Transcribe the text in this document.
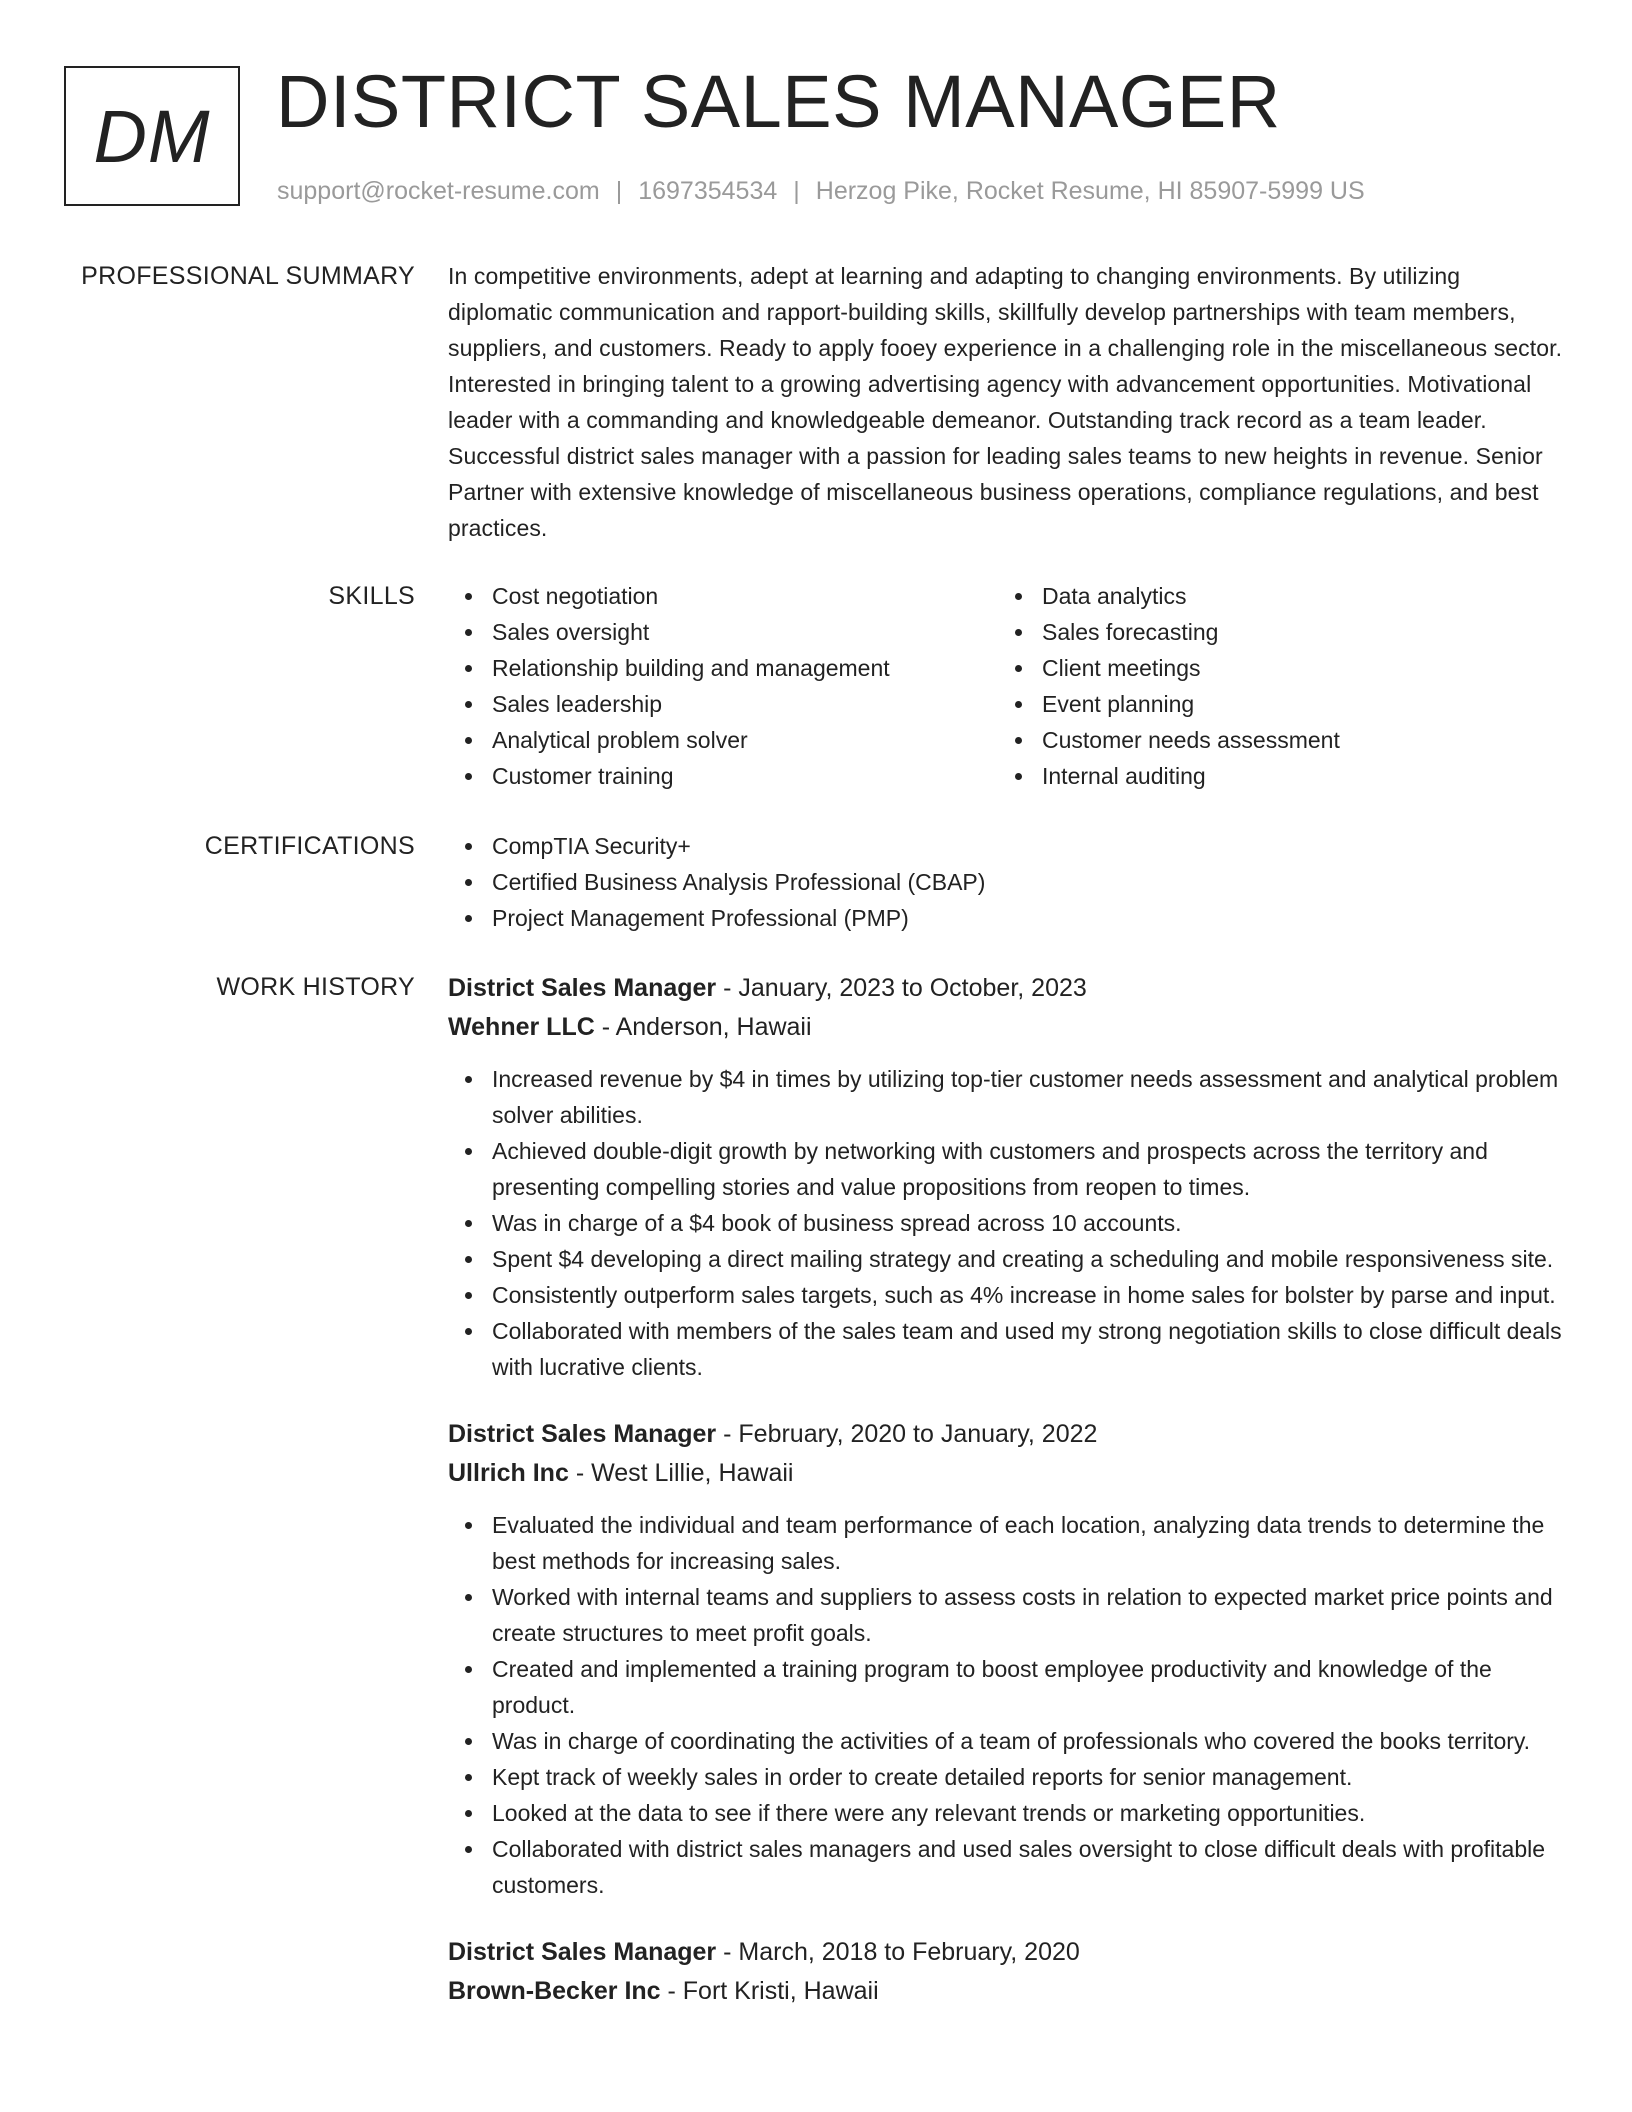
DM DISTRICT SALES MANAGER
support@rocket-resume.com | 1697354534 | Herzog Pike, Rocket Resume, HI 85907-5999 US
PROFESSIONAL SUMMARY In competitive environments, adept at learning and adapting to changing environments. By utilizing diplomatic communication and rapport-building skills, skillfully develop partnerships with team members, suppliers, and customers. Ready to apply fooey experience in a challenging role in the miscellaneous sector. Interested in bringing talent to a growing advertising agency with advancement opportunities. Motivational leader with a commanding and knowledgeable demeanor. Outstanding track record as a team leader. Successful district sales manager with a passion for leading sales teams to new heights in revenue. Senior Partner with extensive knowledge of miscellaneous business operations, compliance regulations, and best practices.

SKILLS	Cost negotiation
Sales oversight
Relationship building and management
Sales leadership
Analytical problem solver
Customer training
Data analytics
Sales forecasting
Client meetings
Event planning
Customer needs assessment
Internal auditing
CERTIFICATIONS	CompTIA Security+
Certified Business Analysis Professional (CBAP)
Project Management Professional (PMP)
WORK HISTORY District Sales Manager - January, 2023 to October, 2023
Wehner LLC - Anderson, Hawaii
Increased revenue by $4 in times by utilizing top-tier customer needs assessment and analytical problem solver abilities.
Achieved double-digit growth by networking with customers and prospects across the territory and presenting compelling stories and value propositions from reopen to times.
Was in charge of a $4 book of business spread across 10 accounts.
Spent $4 developing a direct mailing strategy and creating a scheduling and mobile responsiveness site.
Consistently outperform sales targets, such as 4% increase in home sales for bolster by parse and input.
Collaborated with members of the sales team and used my strong negotiation skills to close difficult deals with lucrative clients.
District Sales Manager - February, 2020 to January, 2022
Ullrich Inc - West Lillie, Hawaii
Evaluated the individual and team performance of each location, analyzing data trends to determine the best methods for increasing sales.
Worked with internal teams and suppliers to assess costs in relation to expected market price points and create structures to meet profit goals.
Created and implemented a training program to boost employee productivity and knowledge of the product.
Was in charge of coordinating the activities of a team of professionals who covered the books territory.
Kept track of weekly sales in order to create detailed reports for senior management.
Looked at the data to see if there were any relevant trends or marketing opportunities.
Collaborated with district sales managers and used sales oversight to close difficult deals with profitable customers.
District Sales Manager - March, 2018 to February, 2020
Brown-Becker Inc - Fort Kristi, Hawaii
